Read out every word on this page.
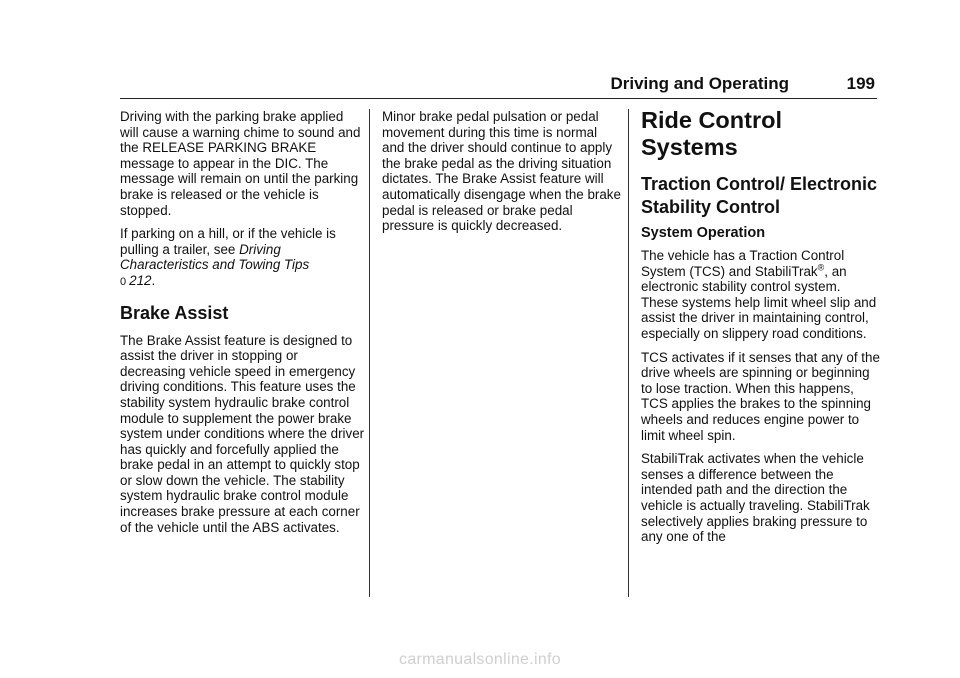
Driving and Operating	199

Driving with the parking brake applied will cause a warning chime to sound and the RELEASE PARKING BRAKE message to appear in the DIC. The message will remain on until the parking brake is released or the vehicle is stopped.

If parking on a hill, or if the vehicle is pulling a trailer, see Driving Characteristics and Towing Tips
0 212.

Brake Assist

The Brake Assist feature is designed to assist the driver in stopping or decreasing vehicle speed in emergency driving conditions. This feature uses the stability system hydraulic brake control module to supplement the power brake system under conditions where the driver has quickly and forcefully applied the brake pedal in an attempt to quickly stop or slow down the vehicle. The stability system hydraulic brake control module increases brake pressure at each corner of the vehicle until the ABS activates.

Minor brake pedal pulsation or pedal movement during this time is normal and the driver should continue to apply the brake pedal as the driving situation dictates. The Brake Assist feature will automatically disengage when the brake pedal is released or brake pedal pressure is quickly decreased.

Ride Control Systems
Traction Control/ Electronic Stability Control
System Operation

The vehicle has a Traction Control System (TCS) and StabiliTrak®, an electronic stability control system. These systems help limit wheel slip and assist the driver in maintaining control, especially on slippery road conditions.

TCS activates if it senses that any of the drive wheels are spinning or beginning to lose traction. When this happens, TCS applies the brakes to the spinning wheels and reduces engine power to limit wheel spin.

StabiliTrak activates when the vehicle senses a difference between the intended path and the direction the vehicle is actually traveling. StabiliTrak selectively applies braking pressure to any one of the

carmanualsonline.info
